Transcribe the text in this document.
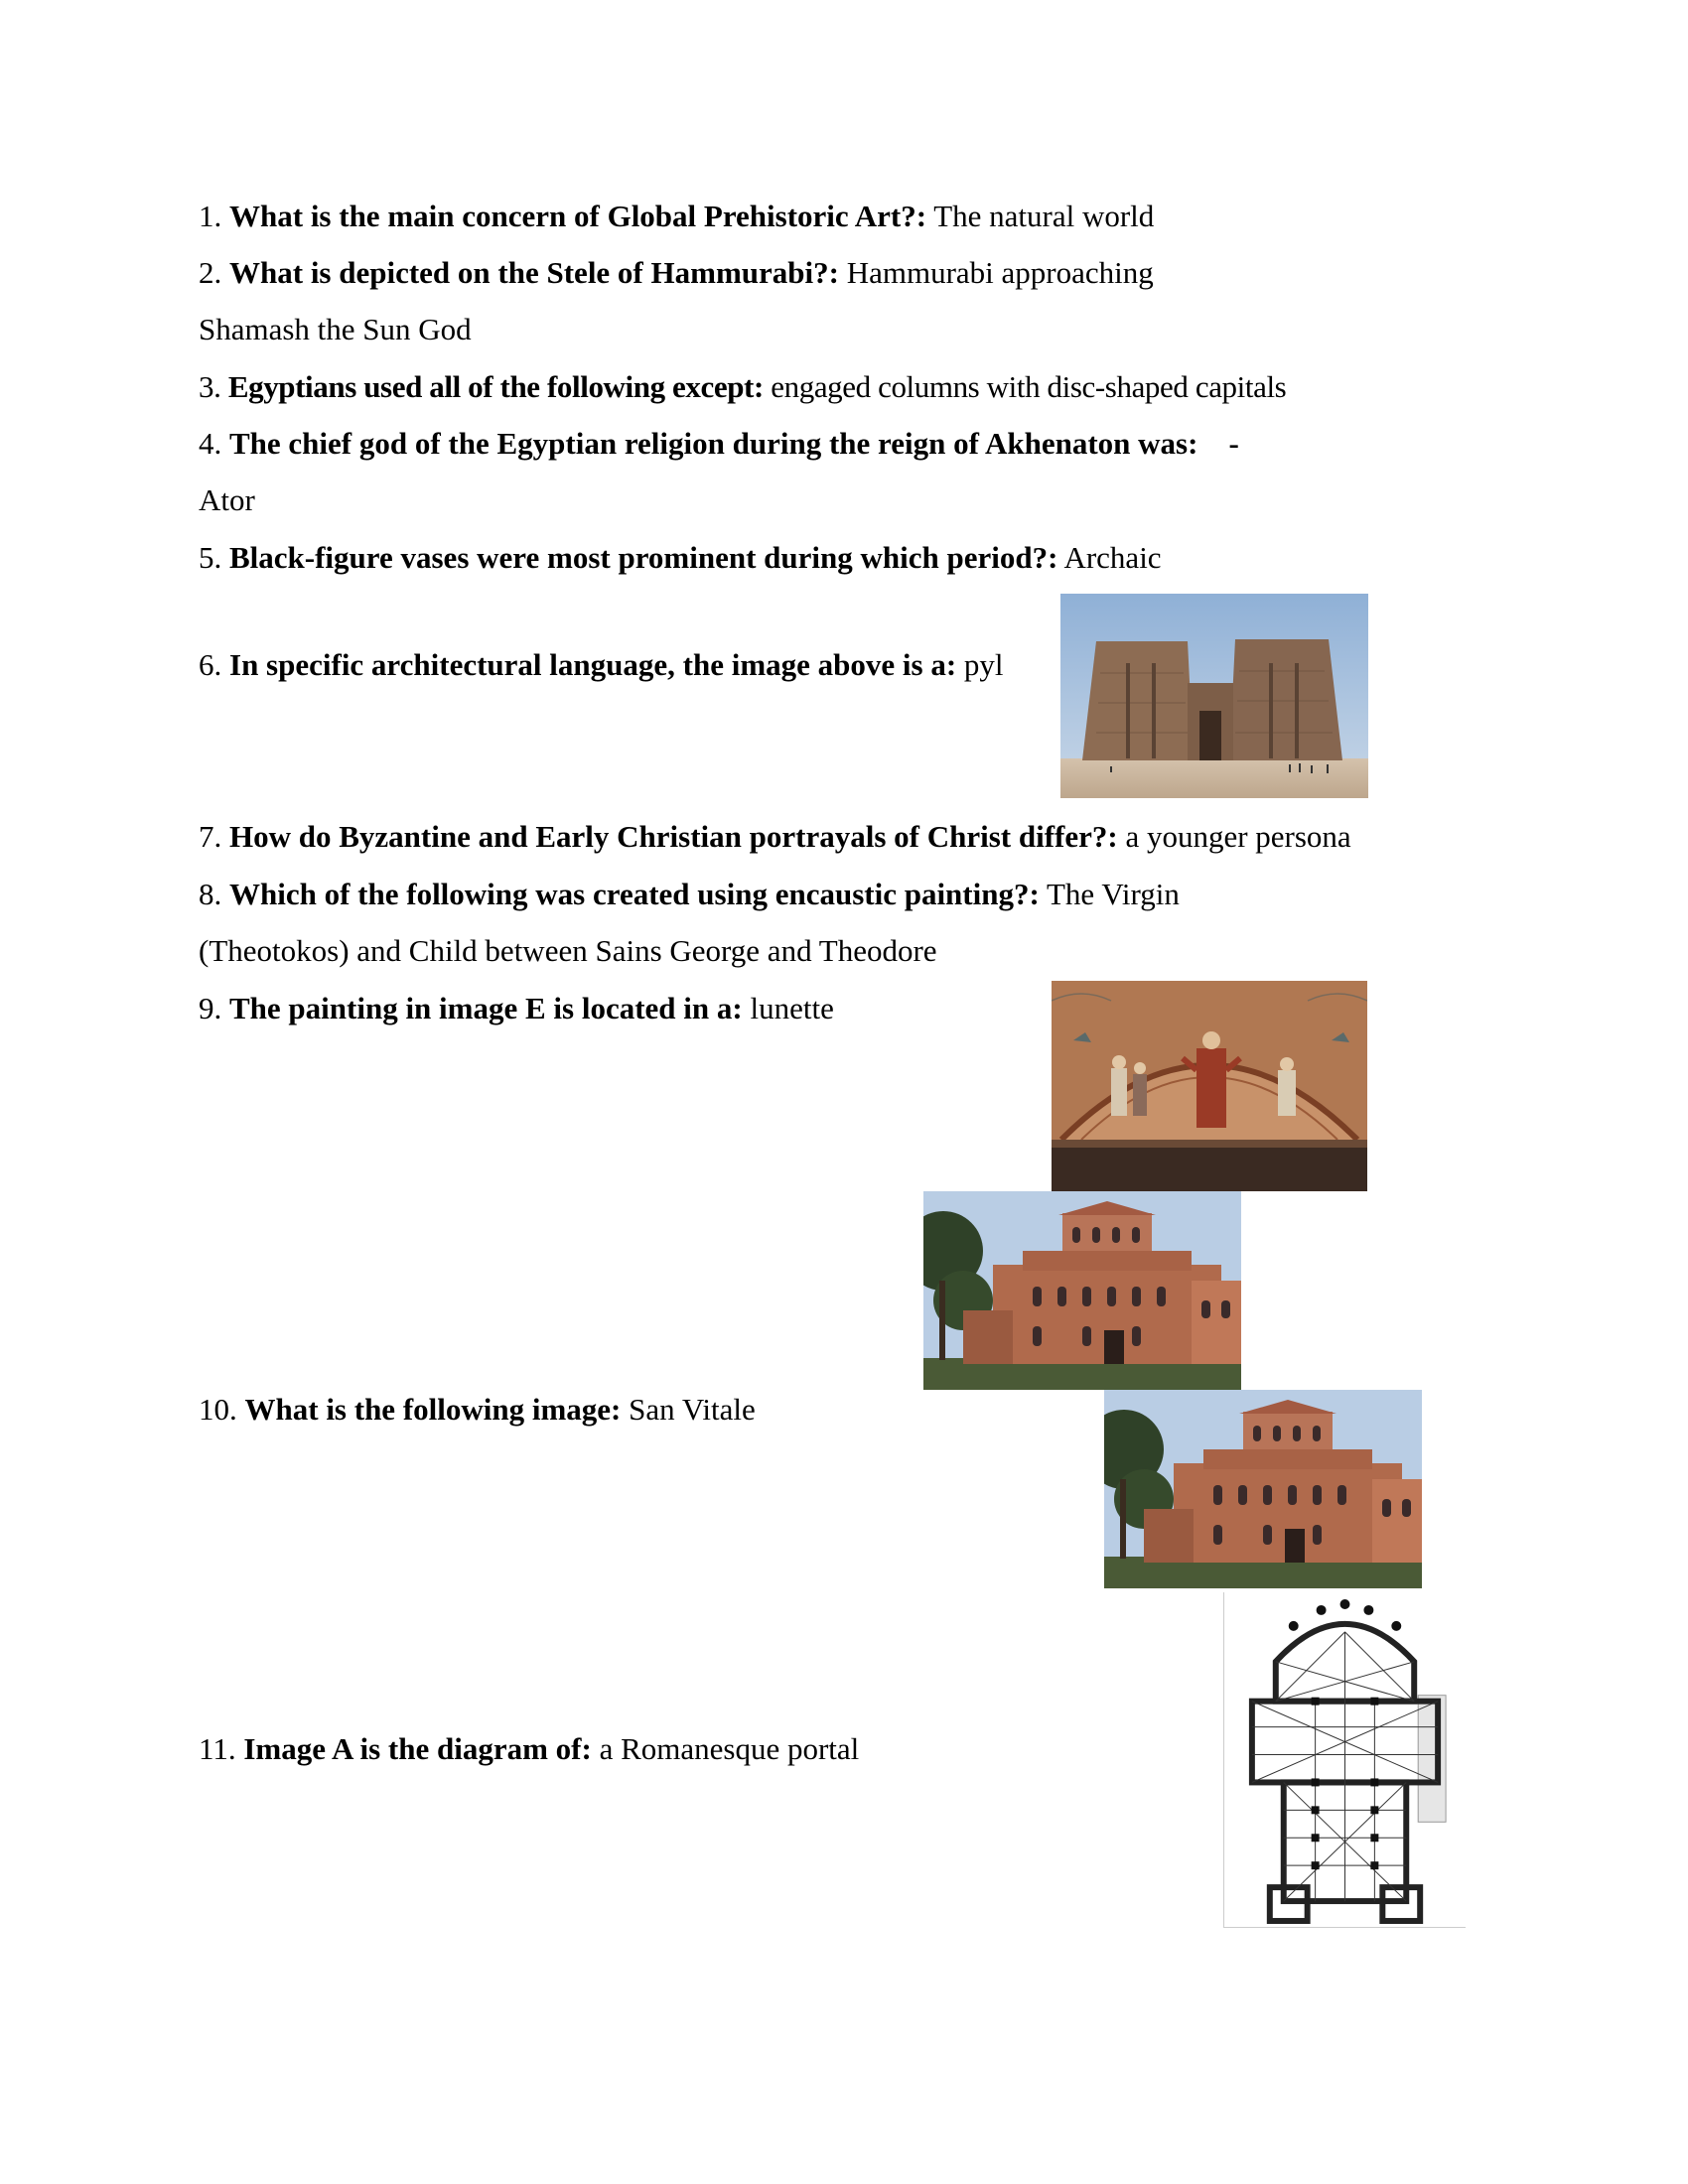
1. What is the main concern of Global Prehistoric Art?: The natural world
2. What is depicted on the Stele of Hammurabi?: Hammurabi approaching
Shamash the Sun God
3. Egyptians used all of the following except: engaged columns with disc-shaped capitals
4. The chief god of the Egyptian religion during the reign of Akhenaton was:    -
Ator
5. Black-figure vases were most prominent during which period?: Archaic
6. In specific architectural language, the image above is a: pyl
7. How do Byzantine and Early Christian portrayals of Christ differ?: a younger persona
8. Which of the following was created using encaustic painting?: The Virgin
(Theotokos) and Child between Sains George and Theodore
9. The painting in image E is located in a: lunette
10. What is the following image: San Vitale
11. Image A is the diagram of: a Romanesque portal
